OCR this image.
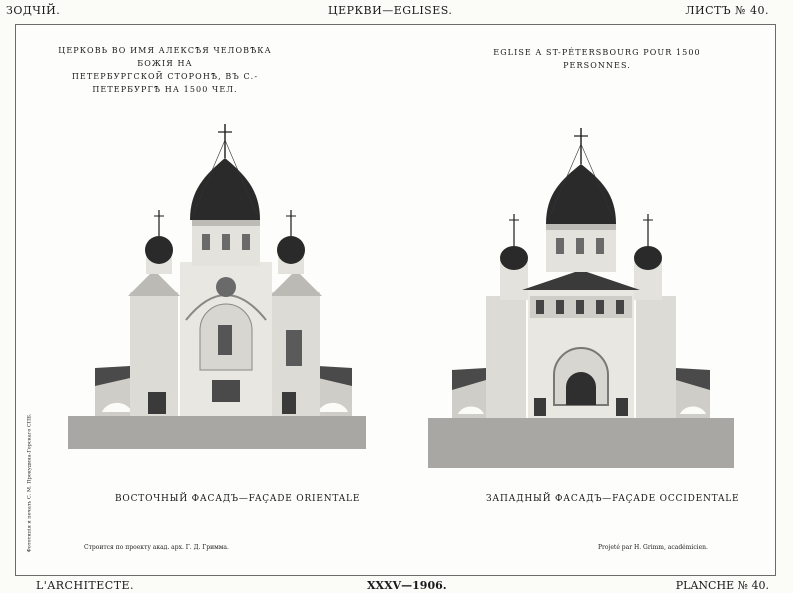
ЗОДЧІЙ.	ЦЕРКВИ—EGLISES.	ЛИСТЪ № 40.
ЦЕРКОВЬ ВО ИМЯ АЛЕКСѢЯ ЧЕЛОВѢКА БОЖІЯ НА
ПЕТЕРБУРГСКОЙ СТОРОНѢ, ВЪ С.-ПЕТЕРБУРГѢ НА 1500 ЧЕЛ.
EGLISE A ST-PÉTERSBOURG POUR 1500 PERSONNES.
ВОСТОЧНЫЙ ФАСАДЪ—FAÇADE ORIENTALE	ЗАПАДНЫЙ ФАСАДЪ—FAÇADE OCCIDENTALE
Строится по проекту акад. арх. Г. Д. Гримма.	Projeté par H. Grimm, académicien.
Фототипія и печать С. М. Прокудина-Горскаго СПБ.
L'ARCHITECTE.	XXXV—1906.	PLANCHE № 40.
